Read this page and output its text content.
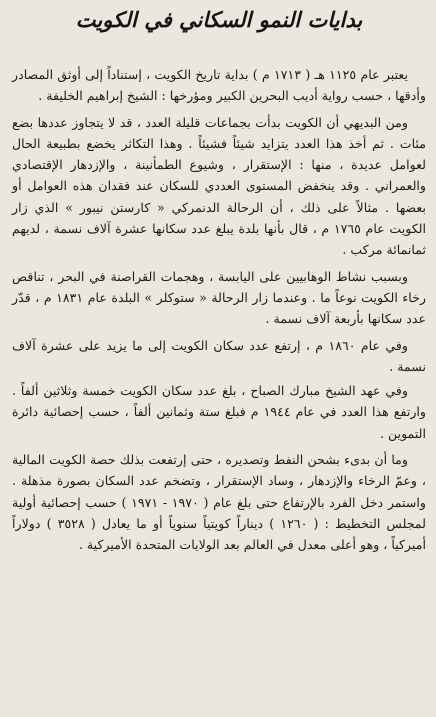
بدايات النمو السكاني في الكويت

يعتبر عام ١١٢٥ هـ ( ١٧١٣ م ) بداية تاريخ الكويت ، إستناداً إلى أوثق المصادر وأدقها ، حسب رواية أديب البحرين الكبير ومؤرخها : الشيخ إبراهيم الخليفة .

ومن البديهي أن الكويت بدأت بجماعات قليلة العدد ، قد لا يتجاوز عددها بضع مئات . ثم أخذ هذا العدد يتزايد شيئاً فشيئاً . وهذا التكاثر يخضع بطبيعة الحال لعوامل عديدة ، منها : الإستقرار ، وشيوع الطمأنينة ، والإزدهار الإقتصادي والعمراني . وقد ينخفض المستوى العددي للسكان عند فقدان هذه العوامل أو بعضها . مثالاً على ذلك ، أن الرحالة الدنمركي « كارستن نيبور » الذي زار الكويت عام ١٧٦٥ م ، قال بأنها بلدة يبلغ عدد سكانها عشرة آلاف نسمة ، لديهم ثمانمائة مركب .

وبسبب نشاط الوهابيين على اليابسة ، وهجمات القراصنة في البحر ، تناقص رخاء الكويت نوعاً ما . وعندما زار الرحالة « ستوكلر » البلدة عام ١٨٣١ م ، قدّر عدد سكانها بأربعة آلاف نسمة .

وفي عام ١٨٦٠ م ، إرتفع عدد سكان الكويت إلى ما يزيد على عشرة آلاف نسمة .

وفي عهد الشيخ مبارك الصباح ، بلغ عدد سكان الكويت خمسة وثلاثين ألفاً . وارتفع هذا العدد في عام ١٩٤٤ م فبلغ ستة وثمانين ألفاً ، حسب إحصائية دائرة التموين .

وما أن بدىء بشحن النفط وتصديره ، حتى إرتفعت بذلك حصة الكويت المالية ، وعمّ الرخاء والإزدهار ، وساد الإستقرار ، وتضخم عدد السكان بصورة مذهلة . واستمر دخل الفرد بالإرتفاع حتى بلغ عام ( ١٩٧٠ - ١٩٧١ ) حسب إحصائية أولية لمجلس التخطيط : ( ١٢٦٠ ) ديناراً كويتياً سنوياً أو ما يعادل ( ٣٥٢٨ ) دولاراً أميركياً ، وهو أعلى معدل في العالم بعد الولايات المتحدة الأميركية .
